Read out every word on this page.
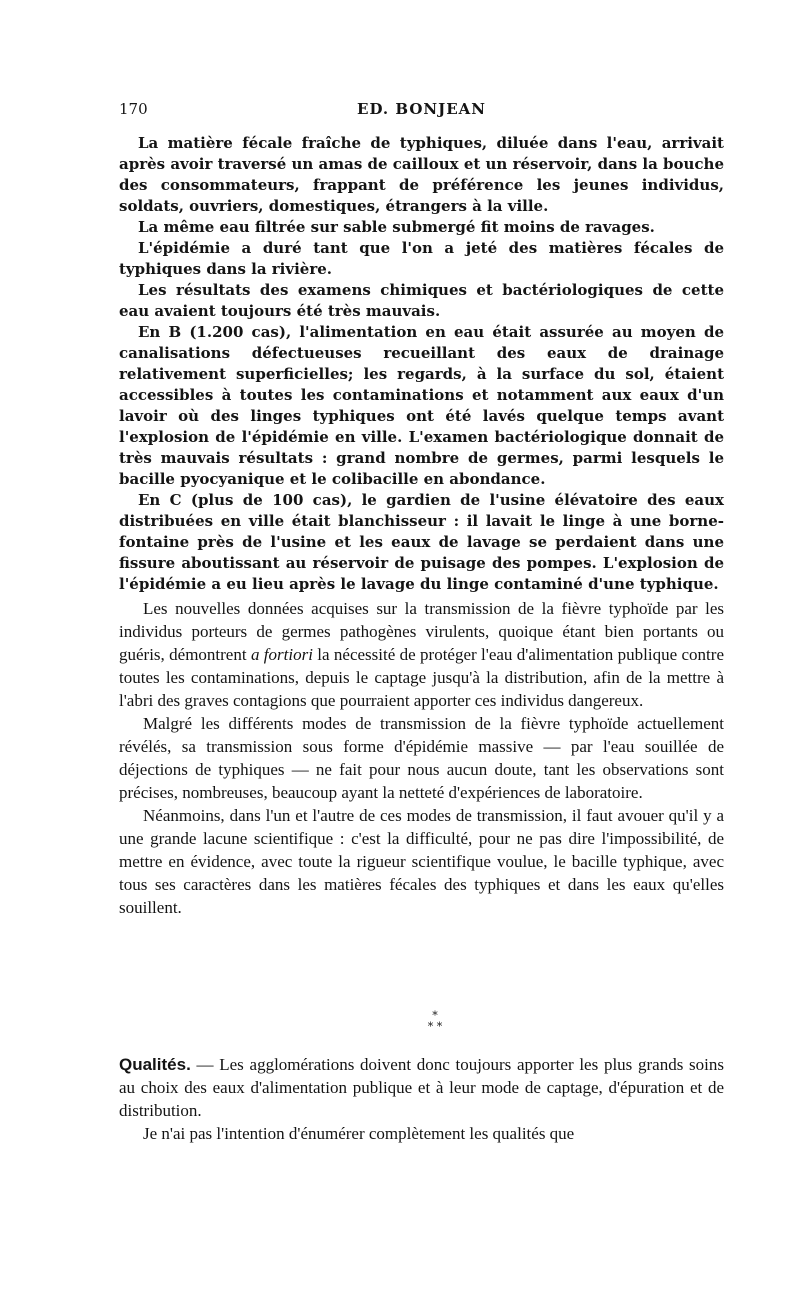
170	ED. BONJEAN

La matière fécale fraîche de typhiques, diluée dans l'eau, arrivait après avoir traversé un amas de cailloux et un réservoir, dans la bouche des consommateurs, frappant de préférence les jeunes individus, soldats, ouvriers, domestiques, étrangers à la ville.

La même eau filtrée sur sable submergé fit moins de ravages.

L'épidémie a duré tant que l'on a jeté des matières fécales de typhiques dans la rivière.

Les résultats des examens chimiques et bactériologiques de cette eau avaient toujours été très mauvais.

En B (1.200 cas), l'alimentation en eau était assurée au moyen de canalisations défectueuses recueillant des eaux de drainage relativement superficielles; les regards, à la surface du sol, étaient accessibles à toutes les contaminations et notamment aux eaux d'un lavoir où des linges typhiques ont été lavés quelque temps avant l'explosion de l'épidémie en ville. L'examen bactériologique donnait de très mauvais résultats : grand nombre de germes, parmi lesquels le bacille pyocyanique et le colibacille en abondance.

En C (plus de 100 cas), le gardien de l'usine élévatoire des eaux distribuées en ville était blanchisseur : il lavait le linge à une borne-fontaine près de l'usine et les eaux de lavage se perdaient dans une fissure aboutissant au réservoir de puisage des pompes. L'explosion de l'épidémie a eu lieu après le lavage du linge contaminé d'une typhique.

Les nouvelles données acquises sur la transmission de la fièvre typhoïde par les individus porteurs de germes pathogènes virulents, quoique étant bien portants ou guéris, démontrent a fortiori la nécessité de protéger l'eau d'alimentation publique contre toutes les contaminations, depuis le captage jusqu'à la distribution, afin de la mettre à l'abri des graves contagions que pourraient apporter ces individus dangereux.

Malgré les différents modes de transmission de la fièvre typhoïde actuellement révélés, sa transmission sous forme d'épidémie massive — par l'eau souillée de déjections de typhiques — ne fait pour nous aucun doute, tant les observations sont précises, nombreuses, beaucoup ayant la netteté d'expériences de laboratoire.

Néanmoins, dans l'un et l'autre de ces modes de transmission, il faut avouer qu'il y a une grande lacune scientifique : c'est la difficulté, pour ne pas dire l'impossibilité, de mettre en évidence, avec toute la rigueur scientifique voulue, le bacille typhique, avec tous ses caractères dans les matières fécales des typhiques et dans les eaux qu'elles souillent.

*
* *

Qualités. — Les agglomérations doivent donc toujours apporter les plus grands soins au choix des eaux d'alimentation publique et à leur mode de captage, d'épuration et de distribution.

Je n'ai pas l'intention d'énumérer complètement les qualités que
